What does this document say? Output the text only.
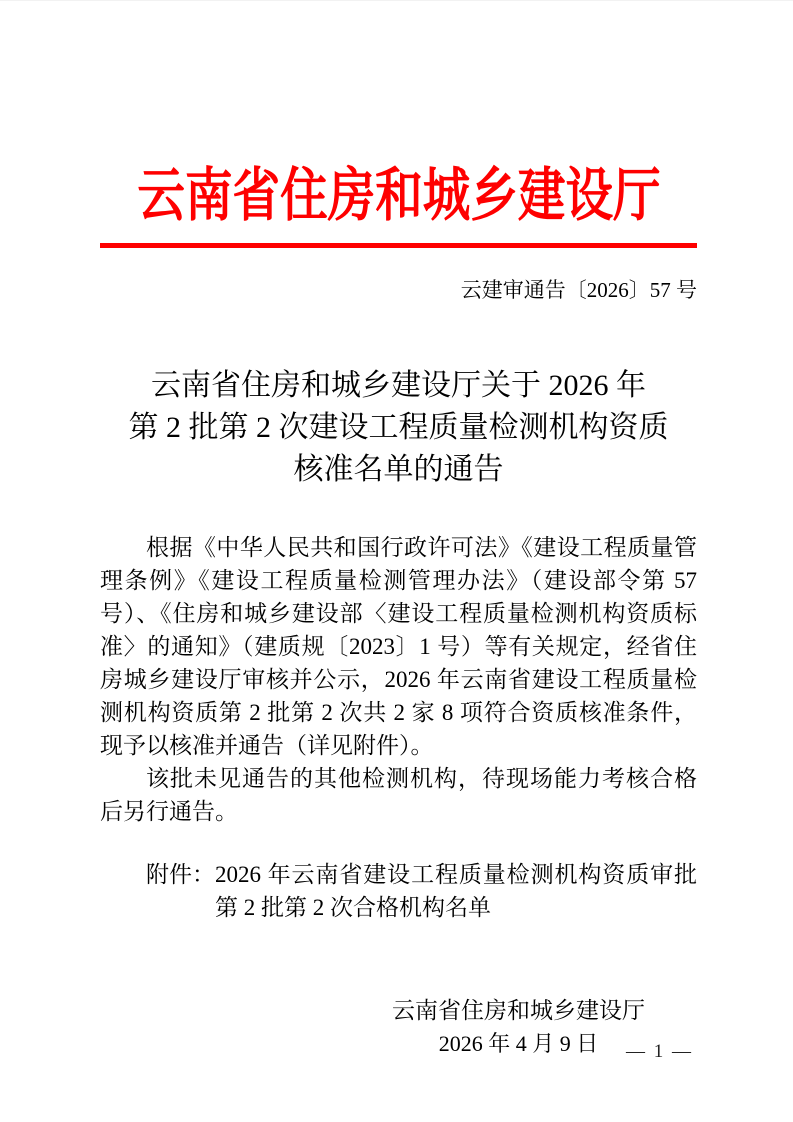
云南省住房和城乡建设厅
云建审通告〔2026〕57 号
云南省住房和城乡建设厅关于 2026 年
第 2 批第 2 次建设工程质量检测机构资质
核准名单的通告

根据《中华人民共和国行政许可法》《建设工程质量管理条例》《建设工程质量检测管理办法》（建设部令第 57 号）、《住房和城乡建设部〈建设工程质量检测机构资质标准〉的通知》（建质规〔2023〕1 号）等有关规定，经省住房城乡建设厅审核并公示，2026 年云南省建设工程质量检测机构资质第 2 批第 2 次共 2 家 8 项符合资质核准条件，现予以核准并通告（详见附件）。

该批未见通告的其他检测机构，待现场能力考核合格后另行通告。

附件： 2026 年云南省建设工程质量检测机构资质审批第 2 批第 2 次合格机构名单
云南省住房和城乡建设厅
2026 年 4 月 9 日	— 1 —
